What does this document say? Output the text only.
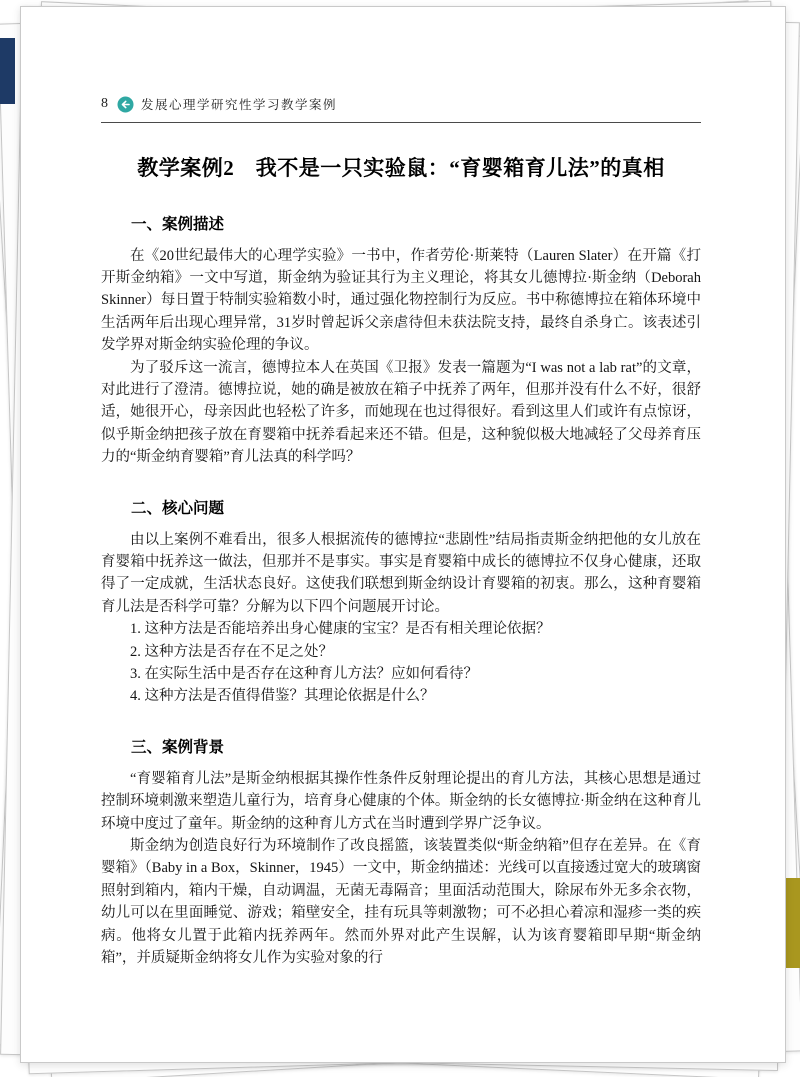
8	发展心理学研究性学习教学案例
教学案例2　我不是一只实验鼠：“育婴箱育儿法”的真相
一、案例描述

在《20世纪最伟大的心理学实验》一书中，作者劳伦·斯莱特（Lauren Slater）在开篇《打开斯金纳箱》一文中写道，斯金纳为验证其行为主义理论，将其女儿德博拉·斯金纳（Deborah Skinner）每日置于特制实验箱数小时，通过强化物控制行为反应。书中称德博拉在箱体环境中生活两年后出现心理异常，31岁时曾起诉父亲虐待但未获法院支持，最终自杀身亡。该表述引发学界对斯金纳实验伦理的争议。

为了驳斥这一流言，德博拉本人在英国《卫报》发表一篇题为“I was not a lab rat”的文章，对此进行了澄清。德博拉说，她的确是被放在箱子中抚养了两年，但那并没有什么不好，很舒适，她很开心，母亲因此也轻松了许多，而她现在也过得很好。看到这里人们或许有点惊讶，似乎斯金纳把孩子放在育婴箱中抚养看起来还不错。但是，这种貌似极大地减轻了父母养育压力的“斯金纳育婴箱”育儿法真的科学吗？

二、核心问题

由以上案例不难看出，很多人根据流传的德博拉“悲剧性”结局指责斯金纳把他的女儿放在育婴箱中抚养这一做法，但那并不是事实。事实是育婴箱中成长的德博拉不仅身心健康，还取得了一定成就，生活状态良好。这使我们联想到斯金纳设计育婴箱的初衷。那么，这种育婴箱育儿法是否科学可靠？分解为以下四个问题展开讨论。

1. 这种方法是否能培养出身心健康的宝宝？是否有相关理论依据？

2. 这种方法是否存在不足之处？

3. 在实际生活中是否存在这种育儿方法？应如何看待？

4. 这种方法是否值得借鉴？其理论依据是什么？

三、案例背景

“育婴箱育儿法”是斯金纳根据其操作性条件反射理论提出的育儿方法，其核心思想是通过控制环境刺激来塑造儿童行为，培育身心健康的个体。斯金纳的长女德博拉·斯金纳在这种育儿环境中度过了童年。斯金纳的这种育儿方式在当时遭到学界广泛争议。

斯金纳为创造良好行为环境制作了改良摇篮，该装置类似“斯金纳箱”但存在差异。在《育婴箱》（Baby in a Box，Skinner，1945）一文中，斯金纳描述：光线可以直接透过宽大的玻璃窗照射到箱内，箱内干燥，自动调温，无菌无毒隔音；里面活动范围大，除尿布外无多余衣物，幼儿可以在里面睡觉、游戏；箱壁安全，挂有玩具等刺激物；可不必担心着凉和湿疹一类的疾病。他将女儿置于此箱内抚养两年。然而外界对此产生误解，认为该育婴箱即早期“斯金纳箱”，并质疑斯金纳将女儿作为实验对象的行
